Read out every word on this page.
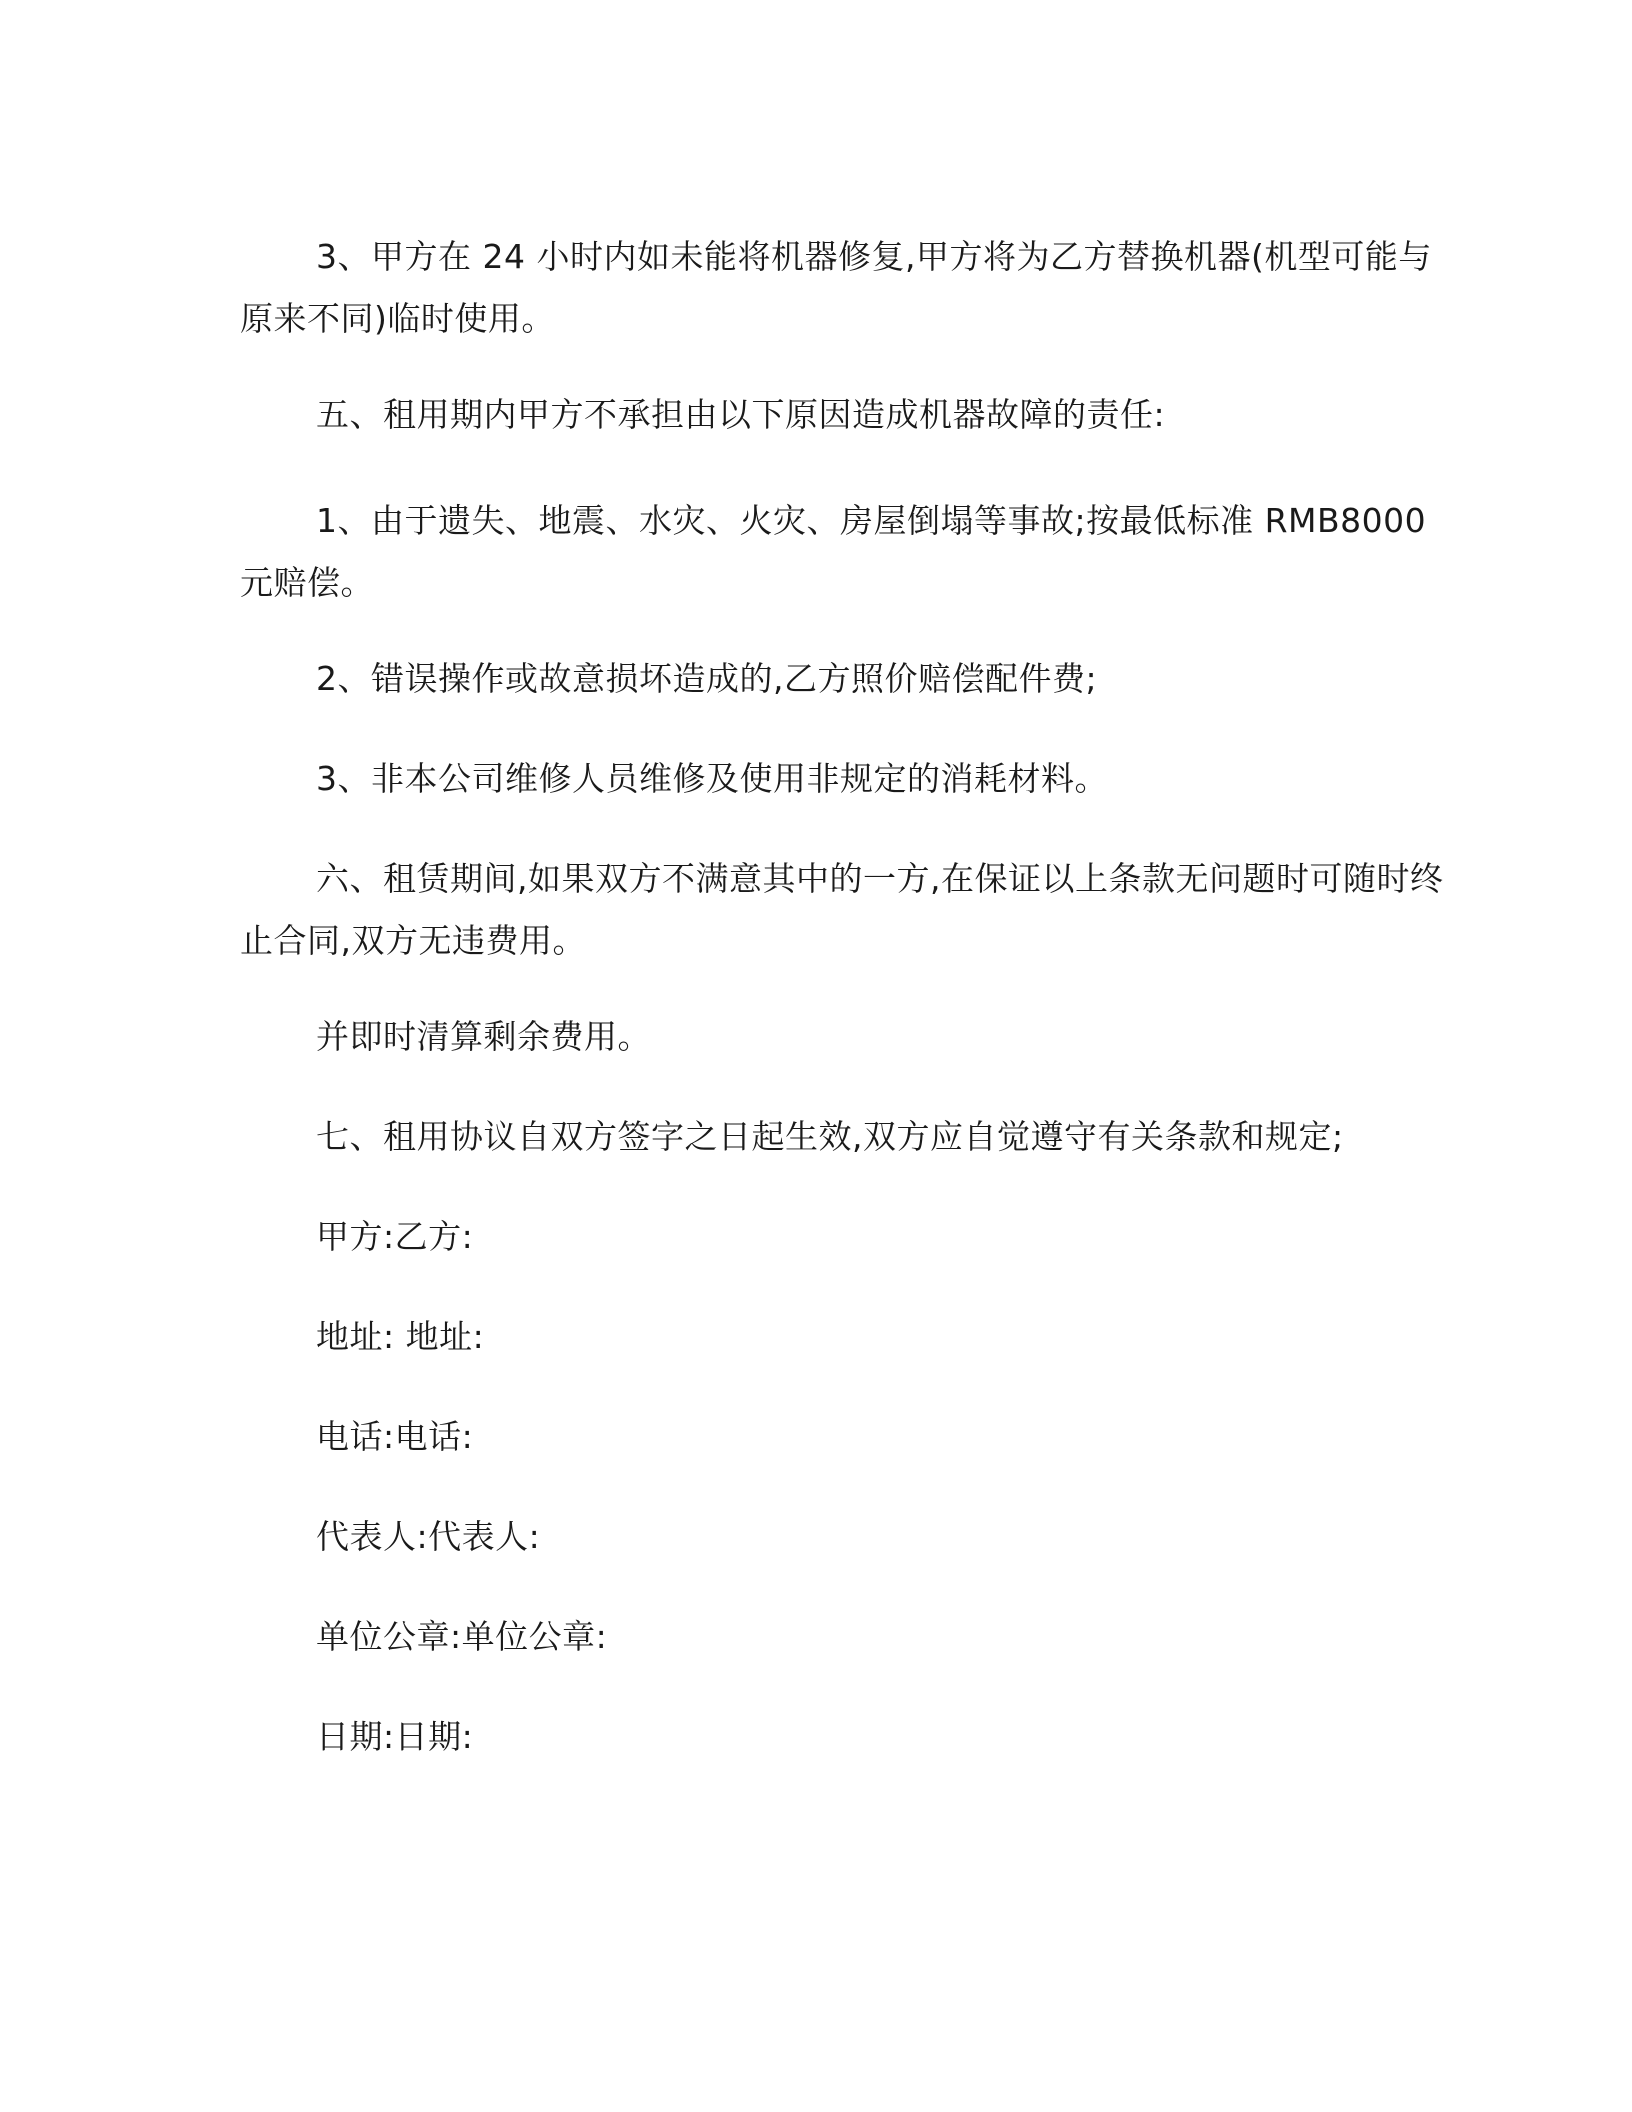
3、甲方在 24 小时内如未能将机器修复,甲方将为乙方替换机器(机型可能与
原来不同)临时使用。
五、租用期内甲方不承担由以下原因造成机器故障的责任:
1、由于遗失、地震、水灾、火灾、房屋倒塌等事故;按最低标准 RMB8000
元赔偿。
2、错误操作或故意损坏造成的,乙方照价赔偿配件费;
3、非本公司维修人员维修及使用非规定的消耗材料。
六、租赁期间,如果双方不满意其中的一方,在保证以上条款无问题时可随时终
止合同,双方无违费用。
并即时清算剩余费用。
七、租用协议自双方签字之日起生效,双方应自觉遵守有关条款和规定;
甲方:乙方:
地址: 地址:
电话:电话:
代表人:代表人:
单位公章:单位公章:
日期:日期:
